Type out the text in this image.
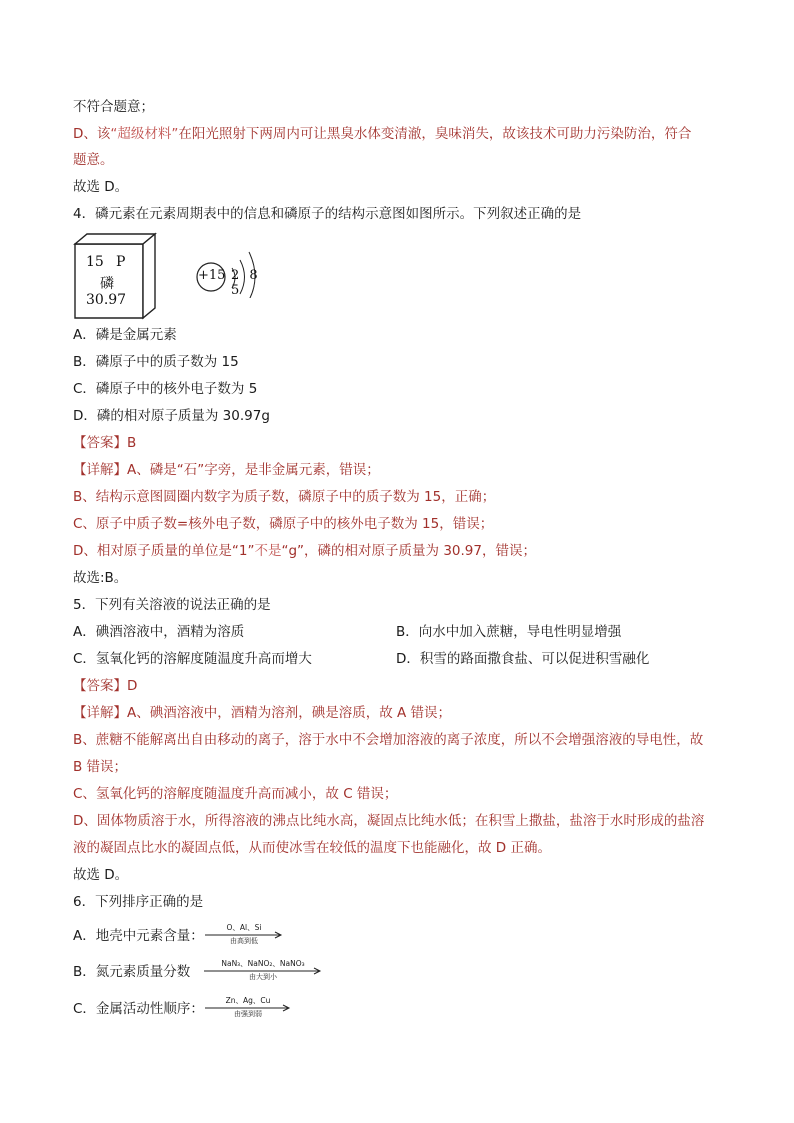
不符合题意；
D、该“超级材料”在阳光照射下两周内可让黑臭水体变清澈，臭味消失，故该技术可助力污染防治，符合
题意。
故选 D。
4．磷元素在元素周期表中的信息和磷原子的结构示意图如图所示。下列叙述正确的是
15 P
磷
30.97
+15 2 8 5
A．磷是金属元素
B．磷原子中的质子数为 15
C．磷原子中的核外电子数为 5
D．磷的相对原子质量为 30.97g
【答案】B
【详解】A、磷是“石”字旁，是非金属元素，错误；
B、结构示意图圆圈内数字为质子数，磷原子中的质子数为 15，正确；
C、原子中质子数=核外电子数，磷原子中的核外电子数为 15，错误；
D、相对原子质量的单位是“1”不是“g”，磷的相对原子质量为 30.97，错误；
故选:B。
5．下列有关溶液的说法正确的是
A．碘酒溶液中，酒精为溶质	B．向水中加入蔗糖，导电性明显增强
C．氢氧化钙的溶解度随温度升高而增大	D．积雪的路面撒食盐、可以促进积雪融化
【答案】D
【详解】A、碘酒溶液中，酒精为溶剂，碘是溶质，故 A 错误；
B、蔗糖不能解离出自由移动的离子，溶于水中不会增加溶液的离子浓度，所以不会增强溶液的导电性，故
B 错误；
C、氢氧化钙的溶解度随温度升高而减小，故 C 错误；
D、固体物质溶于水，所得溶液的沸点比纯水高，凝固点比纯水低；在积雪上撒盐，盐溶于水时形成的盐溶
液的凝固点比水的凝固点低，从而使冰雪在较低的温度下也能融化，故 D 正确。
故选 D。
6．下列排序正确的是
A．地壳中元素含量：
O、Al、Si
由高到低
B．氮元素质量分数
NaN₃、NaNO₂、NaNO₃
由大到小
C．金属活动性顺序：
Zn、Ag、Cu
由强到弱
